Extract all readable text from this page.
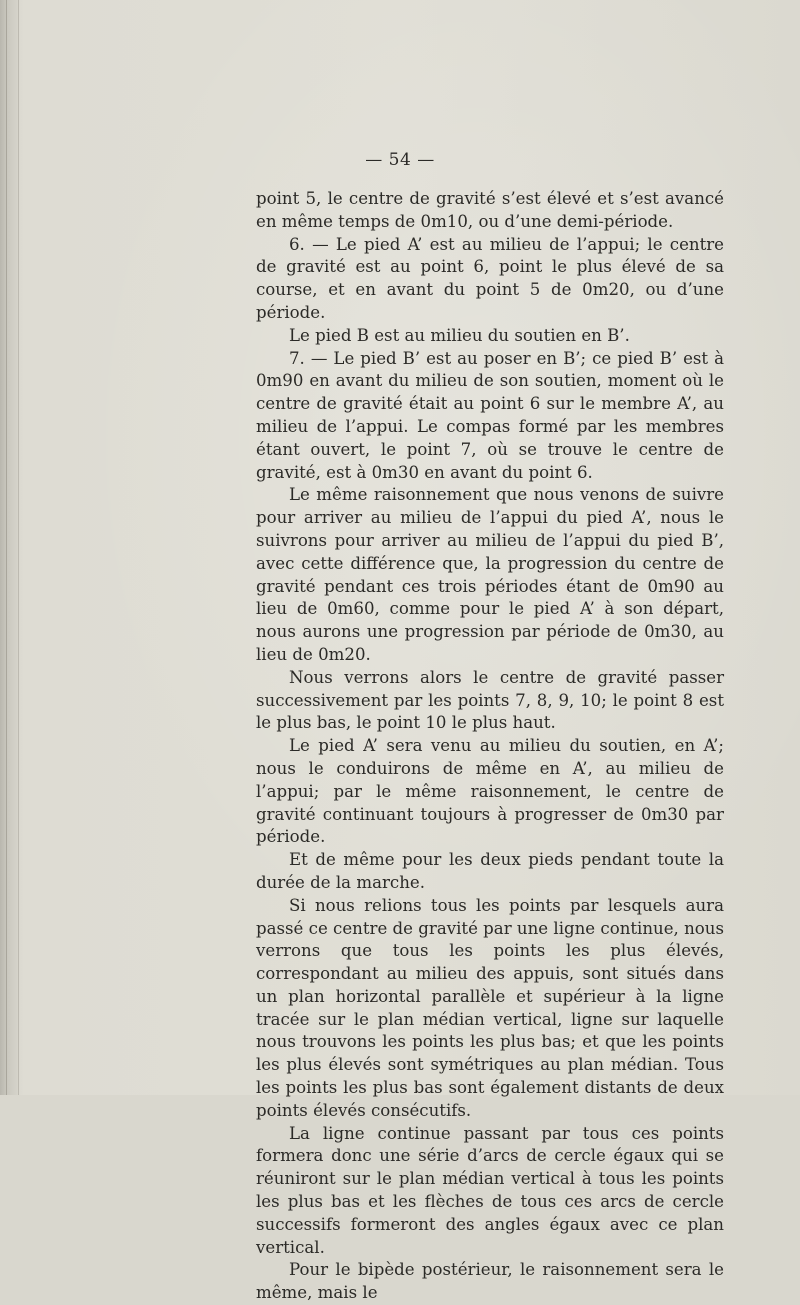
— 54 —

point 5, le centre de gravité s’est élevé et s’est avancé en même temps de 0m10, ou d’une demi-période.

6. — Le pied A’ est au milieu de l’appui; le centre de gravité est au point 6, point le plus élevé de sa course, et en avant du point 5 de 0m20, ou d’une période.

Le pied B est au milieu du soutien en B’.

7. — Le pied B’ est au poser en B’; ce pied B’ est à 0m90 en avant du milieu de son soutien, moment où le centre de gravité était au point 6 sur le membre A’, au milieu de l’appui. Le compas formé par les membres étant ouvert, le point 7, où se trouve le centre de gravité, est à 0m30 en avant du point 6.

Le même raisonnement que nous venons de suivre pour arriver au milieu de l’appui du pied A’, nous le suivrons pour arriver au milieu de l’appui du pied B’, avec cette différence que, la progression du centre de gravité pendant ces trois périodes étant de 0m90 au lieu de 0m60, comme pour le pied A’ à son départ, nous aurons une progression par période de 0m30, au lieu de 0m20.

Nous verrons alors le centre de gravité passer successivement par les points 7, 8, 9, 10; le point 8 est le plus bas, le point 10 le plus haut.

Le pied A’ sera venu au milieu du soutien, en A’; nous le conduirons de même en A’, au milieu de l’appui; par le même raisonnement, le centre de gravité continuant toujours à progresser de 0m30 par période.

Et de même pour les deux pieds pendant toute la durée de la marche.

Si nous relions tous les points par lesquels aura passé ce centre de gravité par une ligne continue, nous verrons que tous les points les plus élevés, correspondant au milieu des appuis, sont situés dans un plan horizontal parallèle et supérieur à la ligne tracée sur le plan médian vertical, ligne sur laquelle nous trouvons les points les plus bas; et que les points les plus élevés sont symétriques au plan médian. Tous les points les plus bas sont également distants de deux points élevés consécutifs.

La ligne continue passant par tous ces points formera donc une série d’arcs de cercle égaux qui se réuniront sur le plan médian vertical à tous les points les plus bas et les flèches de tous ces arcs de cercle successifs formeront des angles égaux avec ce plan vertical.

Pour le bipède postérieur, le raisonnement sera le même, mais le
